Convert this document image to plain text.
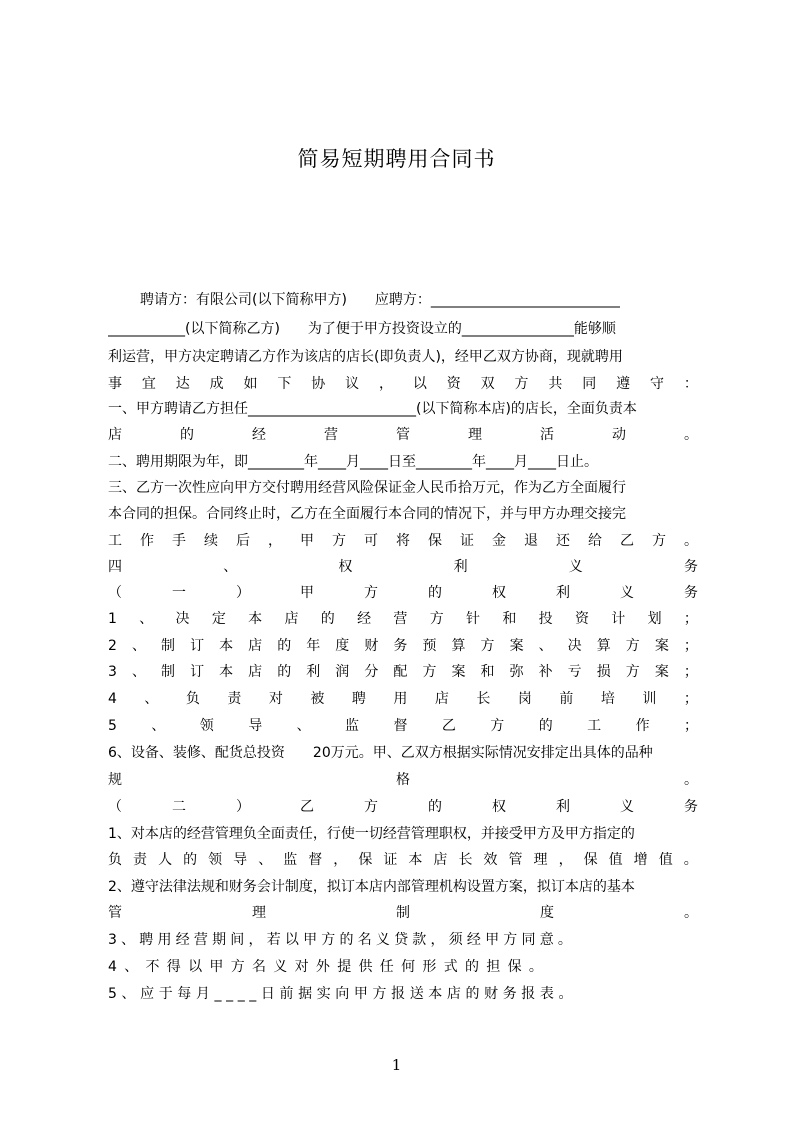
简易短期聘用合同书
聘请方：有限公司(以下简称甲方)　　应聘方：___________________________
___________(以下简称乙方)　　为了便于甲方投资设立的________________能够顺
利运营，甲方决定聘请乙方作为该店的店长(即负责人)，经甲乙双方协商，现就聘用
事 宜 达 成 如 下 协 议 ， 以 资 双 方 共 同 遵 守 ：
一、甲方聘请乙方担任________________________(以下简称本店)的店长，全面负责本
店	的	经	营	管	理	活	动	。
二、聘用期限为年，即________年____月____日至________年____月____日止。
三、乙方一次性应向甲方交付聘用经营风险保证金人民币拾万元，作为乙方全面履行
本合同的担保。合同终止时，乙方在全面履行本合同的情况下，并与甲方办理交接完
工 作 手 续 后 ， 甲 方 可 将 保 证 金 退 还 给 乙 方 。
四	、	权	利	义	务
（	一	）	甲	方	的	权	利	义	务
1 、 决 定 本 店 的 经 营 方 针 和 投 资 计 划 ；
2 、 制 订 本 店 的 年 度 财 务 预 算 方 案 、 决 算 方 案 ；
3 、 制 订 本 店 的 利 润 分 配 方 案 和 弥 补 亏 损 方 案 ；
4 、 负 责 对 被 聘 用 店 长 岗 前 培 训 ；
5 、 领 导 、 监 督 乙 方 的 工 作 ；
6、设备、装修、配货总投资　　20万元。甲、乙双方根据实际情况安排定出具体的品种
规	格	。
（	二	）	乙	方	的	权	利	义	务
1、对本店的经营管理负全面责任，行使一切经营管理职权，并接受甲方及甲方指定的
负 责 人 的 领 导 、 监 督 ， 保 证 本 店 长 效 管 理 ， 保 值 增 值 。
2、遵守法律法规和财务会计制度，拟订本店内部管理机构设置方案，拟订本店的基本
管	理	制	度	。
3、聘用经营期间，若以甲方的名义贷款，须经甲方同意。
4、不得以甲方名义对外提供任何形式的担保。
5、应于每月____日前据实向甲方报送本店的财务报表。
1
